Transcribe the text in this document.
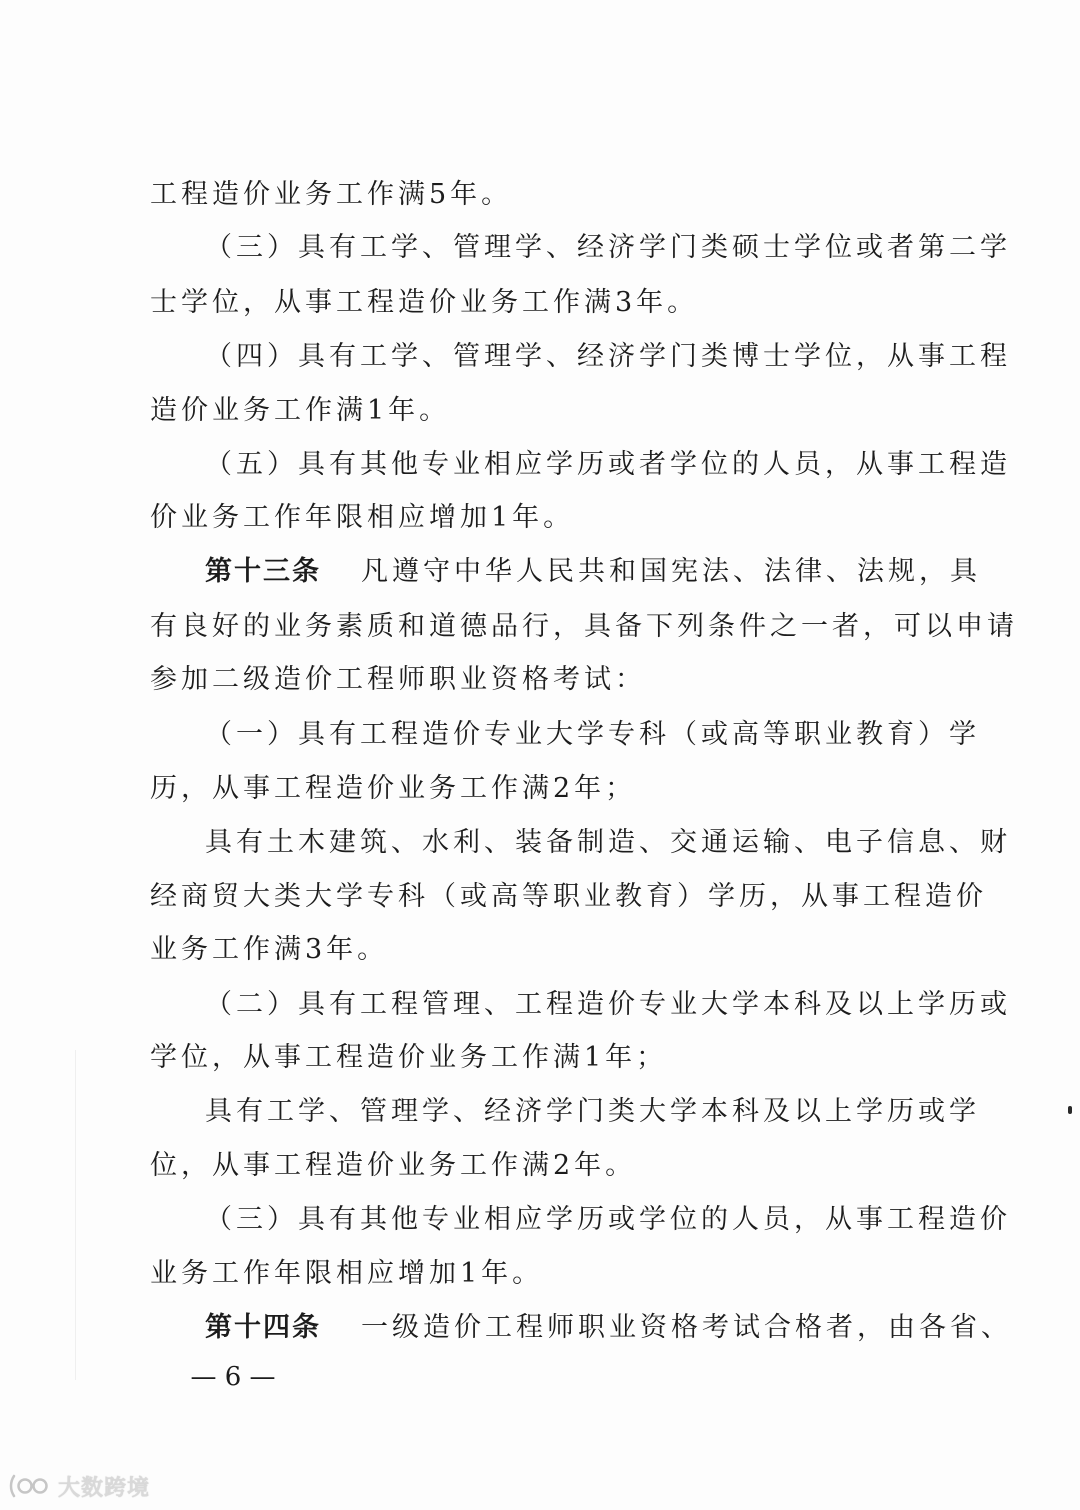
工程造价业务工作满5年。

（三）具有工学、管理学、经济学门类硕士学位或者第二学

士学位，从事工程造价业务工作满3年。

（四）具有工学、管理学、经济学门类博士学位，从事工程

造价业务工作满1年。

（五）具有其他专业相应学历或者学位的人员，从事工程造

价业务工作年限相应增加1年。

第十三条 凡遵守中华人民共和国宪法、法律、法规，具

有良好的业务素质和道德品行，具备下列条件之一者，可以申请

参加二级造价工程师职业资格考试：

（一）具有工程造价专业大学专科（或高等职业教育）学

历，从事工程造价业务工作满2年；

具有土木建筑、水利、装备制造、交通运输、电子信息、财

经商贸大类大学专科（或高等职业教育）学历，从事工程造价

业务工作满3年。

（二）具有工程管理、工程造价专业大学本科及以上学历或

学位，从事工程造价业务工作满1年；

具有工学、管理学、经济学门类大学本科及以上学历或学

位，从事工程造价业务工作满2年。

（三）具有其他专业相应学历或学位的人员，从事工程造价

业务工作年限相应增加1年。

第十四条 一级造价工程师职业资格考试合格者，由各省、

— 6 —
大数跨境
